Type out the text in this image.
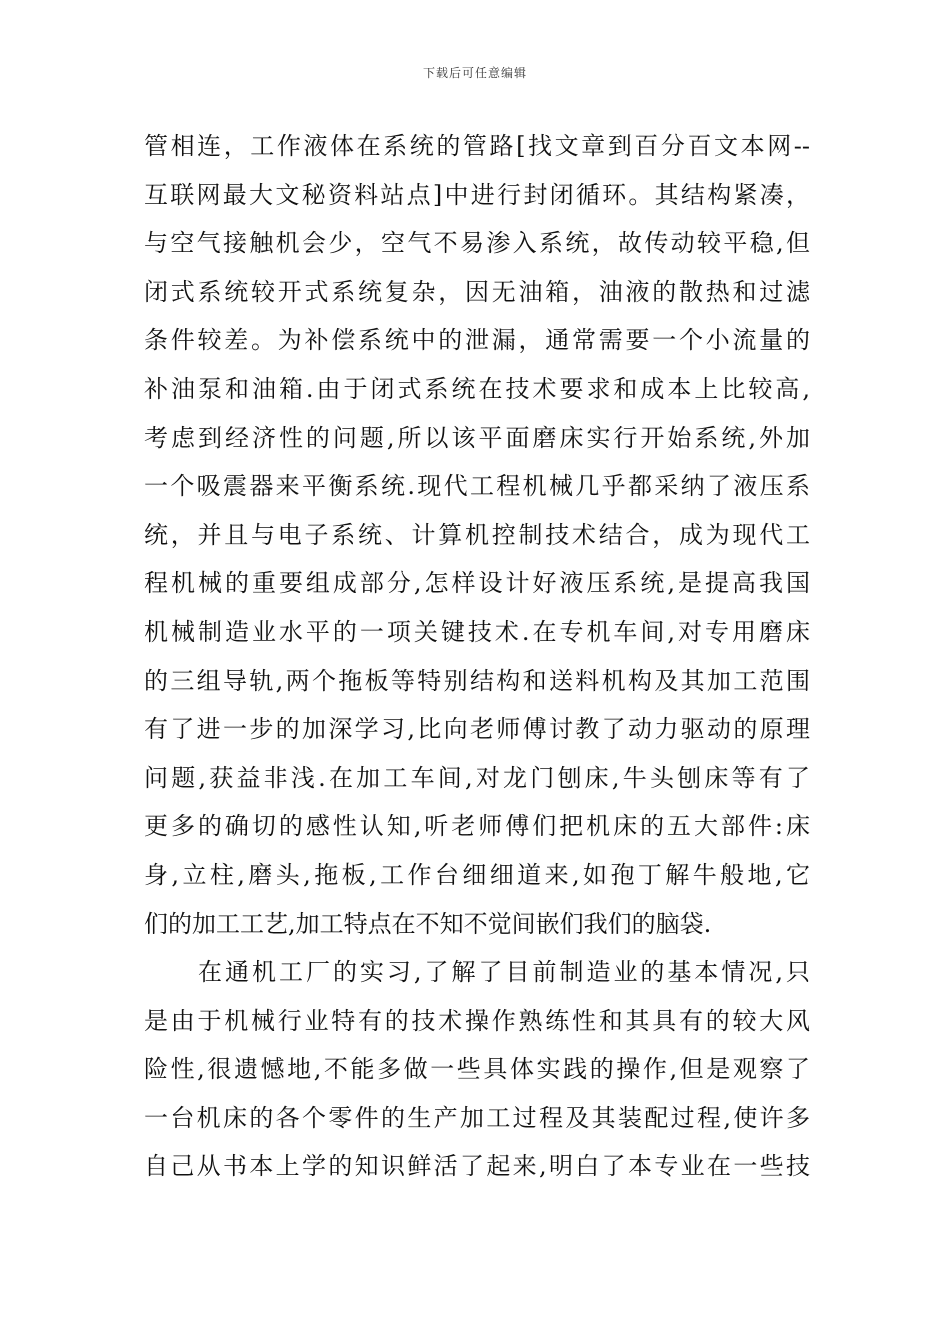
下载后可任意编辑
管相连，工作液体在系统的管路[找文章到百分百文本网--
互联网最大文秘资料站点]中进行封闭循环。其结构紧凑，
与空气接触机会少，空气不易渗入系统，故传动较平稳,但
闭式系统较开式系统复杂，因无油箱，油液的散热和过滤
条件较差。为补偿系统中的泄漏，通常需要一个小流量的
补油泵和油箱.由于闭式系统在技术要求和成本上比较高,
考虑到经济性的问题,所以该平面磨床实行开始系统,外加
一个吸震器来平衡系统.现代工程机械几乎都采纳了液压系
统，并且与电子系统、计算机控制技术结合，成为现代工
程机械的重要组成部分,怎样设计好液压系统,是提高我国
机械制造业水平的一项关键技术.在专机车间,对专用磨床
的三组导轨,两个拖板等特别结构和送料机构及其加工范围
有了进一步的加深学习,比向老师傅讨教了动力驱动的原理
问题,获益非浅.在加工车间,对龙门刨床,牛头刨床等有了
更多的确切的感性认知,听老师傅们把机床的五大部件:床
身,立柱,磨头,拖板,工作台细细道来,如孢丁解牛般地,它
们的加工工艺,加工特点在不知不觉间嵌们我们的脑袋.
在通机工厂的实习,了解了目前制造业的基本情况,只
是由于机械行业特有的技术操作熟练性和其具有的较大风
险性,很遗憾地,不能多做一些具体实践的操作,但是观察了
一台机床的各个零件的生产加工过程及其装配过程,使许多
自己从书本上学的知识鲜活了起来,明白了本专业在一些技
